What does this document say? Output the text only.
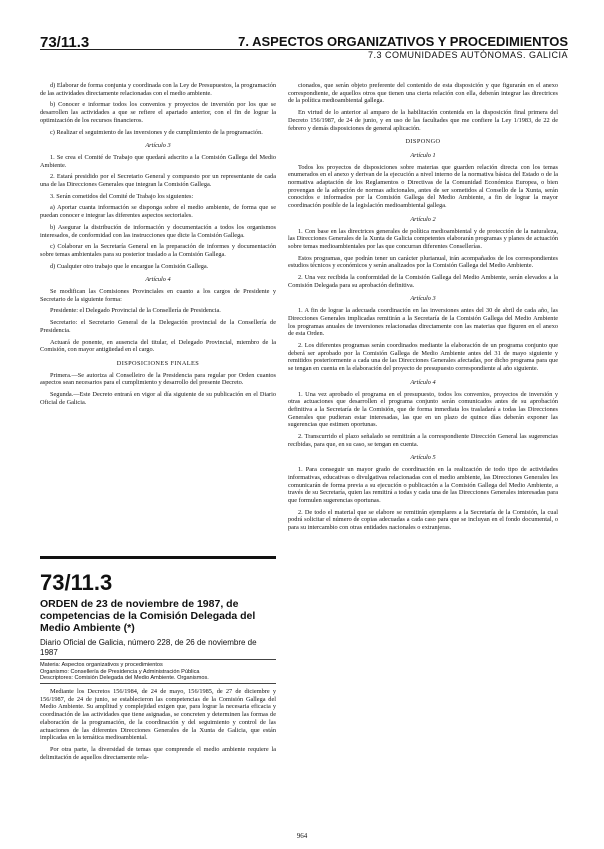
73/11.3	7. ASPECTOS ORGANIZATIVOS Y PROCEDIMIENTOS
7.3 COMUNIDADES AUTÓNOMAS. GALICIA

d) Elaborar de forma conjunta y coordinada con la Ley de Presupuestos, la programación de las actividades directamente relacionadas con el medio ambiente.

b) Conocer e informar todos los convenios y proyectos de inversión por los que se desarrollen las actividades a que se refiere el apartado anterior, con el fin de lograr la optimización de los recursos financieros.

c) Realizar el seguimiento de las inversiones y de cumplimiento de la programación.

Artículo 3

1. Se crea el Comité de Trabajo que quedará adscrito a la Comisión Gallega del Medio Ambiente.

2. Estará presidido por el Secretario General y compuesto por un representante de cada una de las Direcciones Generales que integran la Comisión Gallega.

3. Serán cometidos del Comité de Trabajo los siguientes:

a) Aportar cuanta información se disponga sobre el medio ambiente, de forma que se puedan conocer e integrar las diferentes aspectos sectoriales.

b) Asegurar la distribución de información y documentación a todos los organismos interesados, de conformidad con las instrucciones que dicte la Comisión Gallega.

c) Colaborar en la Secretaría General en la preparación de informes y documentación sobre temas ambientales para su posterior traslado a la Comisión Gallega.

d) Cualquier otro trabajo que le encargue la Comisión Gallega.

Artículo 4

Se modifican las Comisiones Provinciales en cuanto a los cargos de Presidente y Secretario de la siguiente forma:

Presidente: el Delegado Provincial de la Consellería de Presidencia.

Secretario: el Secretario General de la Delegación provincial de la Consellería de Presidencia.

Actuará de ponente, en ausencia del titular, el Delegado Provincial, miembro de la Comisión, con mayor antigüedad en el cargo.

DISPOSICIONES FINALES

Primera.—Se autoriza al Conselleiro de la Presidencia para regular por Orden cuantos aspectos sean necesarios para el cumplimiento y desarrollo del presente Decreto.

Segunda.—Este Decreto entrará en vigor al día siguiente de su publicación en el Diario Oficial de Galicia.

73/11.3
ORDEN de 23 de noviembre de 1987, de competencias de la Comisión Delegada del Medio Ambiente (*)
Diario Oficial de Galicia, número 228, de 26 de noviembre de 1987
Materia: Aspectos organizativos y procedimientos
Organismo: Consellería de Presidencia y Administración Pública
Descriptores: Comisión Delegada del Medio Ambiente. Organismos.

Mediante los Decretos 156/1984, de 24 de mayo, 156/1985, de 27 de diciembre y 156/1987, de 24 de junio, se establecieron las competencias de la Comisión Gallega del Medio Ambiente. Su amplitud y complejidad exigen que, para lograr la necesaria eficacia y coordinación de las actividades que tiene asignadas, se concreten y determinen las formas de elaboración de la programación, de la coordinación y del seguimiento y control de las actuaciones de las diferentes Direcciones Generales de la Xunta de Galicia, que están implicadas en la temática medioambiental.

Por otra parte, la diversidad de temas que comprende el medio ambiente requiere la delimitación de aquellos directamente rela-

cionados, que serán objeto preferente del contenido de esta disposición y que figurarán en el anexo correspondiente, de aquellos otros que tienen una cierta relación con ella, deberán integrar las directrices de la política medioambiental gallega.

En virtud de lo anterior al amparo de la habilitación contenida en la disposición final primera del Decreto 156/1987, de 24 de junio, y en uso de las facultades que me confiere la Ley 1/1983, de 22 de febrero y demás disposiciones de general aplicación.

DISPONGO

Artículo 1

Todos los proyectos de disposiciones sobre materias que guarden relación directa con los temas enumerados en el anexo y derivan de la ejecución a nivel interno de la normativa básica del Estado o de la normativa adaptación de los Reglamentos o Directivas de la Comunidad Económica Europea, o bien provengan de la adopción de normas adicionales, antes de ser sometidos al Consello de la Xunta, serán conocidos e informados por la Comisión Gallega del Medio Ambiente, a fin de lograr la mayor coordinación posible de la legislación medioambiental gallega.

Artículo 2

1. Con base en las directrices generales de política medioambiental y de protección de la naturaleza, las Direcciones Generales de la Xunta de Galicia competentes elaborarán programas y planes de actuación sobre temas medioambientales por las que concurran diferentes Consellerías.

Estos programas, que podrán tener un carácter plurianual, irán acompañados de los correspondientes estudios técnicos y económicos y serán analizados por la Comisión Gallega del Medio Ambiente.

2. Una vez recibida la conformidad de la Comisión Gallega del Medio Ambiente, serán elevados a la Comisión Delegada para su aprobación definitiva.

Artículo 3

1. A fin de lograr la adecuada coordinación en las inversiones antes del 30 de abril de cada año, las Direcciones Generales implicadas remitirán a la Secretaría de la Comisión Gallega del Medio Ambiente los programas anuales de inversiones relacionadas directamente con las materias que figuren en el anexo de esta Orden.

2. Los diferentes programas serán coordinados mediante la elaboración de un programa conjunto que deberá ser aprobado por la Comisión Gallega de Medio Ambiente antes del 31 de mayo siguiente y remitidos posteriormente a cada una de las Direcciones Generales afectadas, por dicho programa para que se tengan en cuenta en la elaboración del proyecto de presupuesto correspondiente al año siguiente.

Artículo 4

1. Una vez aprobado el programa en el presupuesto, todos los convenios, proyectos de inversión y otras actuaciones que desarrollen el programa conjunto serán comunicados antes de su aprobación definitiva a la Secretaría de la Comisión, que de forma inmediata los trasladará a todas las Direcciones Generales que pudieran estar interesadas, las que en un plazo de quince días deberán exponer las sugerencias que estimen oportunas.

2. Transcurrido el plazo señalado se remitirán a la correspondiente Dirección General las sugerencias recibidas, para que, en su caso, se tengan en cuenta.

Artículo 5

1. Para conseguir un mayor grado de coordinación en la realización de todo tipo de actividades informativas, educativas o divulgativas relacionadas con el medio ambiente, las Direcciones Generales les comunicarán de forma previa a su ejecución o publicación a la Comisión Gallega del Medio Ambiente, a través de su Secretaría, quien las remitirá a todas y cada una de las Direcciones Generales interesadas para que formulen sugerencias oportunas.

2. De todo el material que se elabore se remitirán ejemplares a la Secretaría de la Comisión, la cual podrá solicitar el número de copias adecuadas a cada caso para que se incluyan en el fondo documental, o para su intercambio con otras entidades nacionales o extranjeras.

964
